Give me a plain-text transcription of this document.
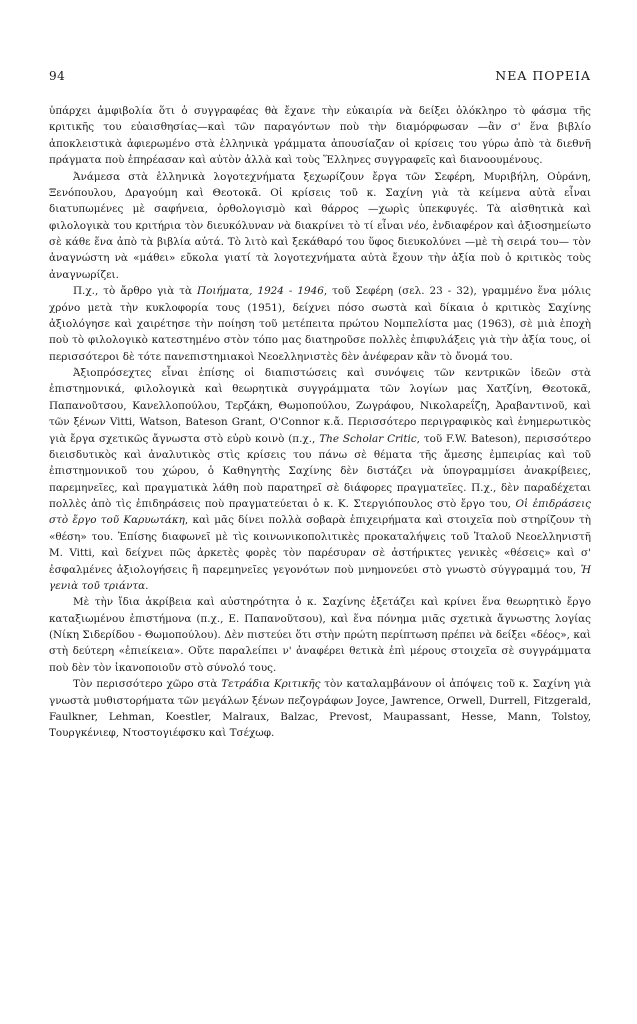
94	ΝΕΑ ΠΟΡΕΙΑ

ὑπάρχει ἀμφιβολία ὅτι ὁ συγγραφέας θὰ ἔχανε τὴν εὐκαιρία νὰ δείξει ὁλόκληρο τὸ φάσμα τῆς κριτικῆς του εὐαισθησίας—καὶ τῶν παραγόντων ποὺ τὴν διαμόρφωσαν —ἂν σ' ἕνα βιβλίο ἀποκλειστικὰ ἀφιερωμένο στὰ ἑλληνικὰ γράμματα ἀπουσίαζαν οἱ κρίσεις του γύρω ἀπὸ τὰ διεθνῆ πράγματα ποὺ ἐπηρέασαν καὶ αὐτὸν ἀλλὰ καὶ τοὺς Ἕλληνες συγγραφεῖς καὶ διανοουμένους.

Ἀνάμεσα στὰ ἑλληνικὰ λογοτεχνήματα ξεχωρίζουν ἔργα τῶν Σεφέρη, Μυριβήλη, Οὐράνη, Ξενόπουλου, Δραγούμη καὶ Θεοτοκᾶ. Οἱ κρίσεις τοῦ κ. Σαχίνη γιὰ τὰ κείμενα αὐτὰ εἶναι διατυπωμένες μὲ σαφήνεια, ὀρθολογισμὸ καὶ θάρρος —χωρὶς ὑπεκφυγές. Τὰ αἰσθητικὰ καὶ φιλολογικὰ του κριτήρια τὸν διευκόλυναν νὰ διακρίνει τὸ τί εἶναι νέο, ἐνδιαφέρον καὶ ἀξιοσημείωτο σὲ κάθε ἕνα ἀπὸ τὰ βιβλία αὐτά. Τὸ λιτὸ καὶ ξεκάθαρό του ὕφος διευκολύνει —μὲ τὴ σειρά του— τὸν ἀναγνώστη νὰ «μάθει» εὔκολα γιατί τὰ λογοτεχνήματα αὐτὰ ἔχουν τὴν ἀξία ποὺ ὁ κριτικὸς τοὺς ἀναγνωρίζει.

Π.χ., τὸ ἄρθρο γιὰ τὰ Ποιήματα, 1924 - 1946, τοῦ Σεφέρη (σελ. 23 - 32), γραμμένο ἕνα μόλις χρόνο μετὰ τὴν κυκλοφορία τους (1951), δείχνει πόσο σωστὰ καὶ δίκαια ὁ κριτικὸς Σαχίνης ἀξιολόγησε καὶ χαιρέτησε τὴν ποίηση τοῦ μετέπειτα πρώτου Νομπελίστα μας (1963), σὲ μιὰ ἐποχὴ ποὺ τὸ φιλολογικὸ κατεστημένο στὸν τόπο μας διατηροῦσε πολλὲς ἐπιφυλάξεις γιὰ τὴν ἀξία τους, οἱ περισσότεροι δὲ τότε πανεπιστημιακοὶ Νεοελληνιστὲς δὲν ἀνέφεραν κἂν τὸ ὄνομά του.

Ἀξιοπρόσεχτες εἶναι ἐπίσης οἱ διαπιστώσεις καὶ συνόψεις τῶν κεντρικῶν ἰδεῶν στὰ ἐπιστημονικά, φιλολογικὰ καὶ θεωρητικὰ συγγράμματα τῶν λογίων μας Χατζίνη, Θεοτοκᾶ, Παπανοῦτσου, Κανελλοπούλου, Τερζάκη, Θωμοπούλου, Ζωγράφου, Νικολαρεΐζη, Ἀραβαντινοῦ, καὶ τῶν ξένων Vitti, Watson, Bateson Grant, O'Connor κ.ἄ. Περισσότερο περιγραφικὸς καὶ ἐνημερωτικὸς γιὰ ἔργα σχετικῶς ἄγνωστα στὸ εὐρὺ κοινὸ (π.χ., The Scholar Critic, τοῦ F.W. Bateson), περισσότερο διεισδυτικὸς καὶ ἀναλυτικὸς στὶς κρίσεις του πάνω σὲ θέματα τῆς ἄμεσης ἐμπειρίας καὶ τοῦ ἐπιστημονικοῦ του χώρου, ὁ Καθηγητὴς Σαχίνης δὲν διστάζει νὰ ὑπογραμμίσει ἀνακρίβειες, παρεμηνεῖες, καὶ πραγματικὰ λάθη ποὺ παρατηρεῖ σὲ διάφορες πραγματεῖες. Π.χ., δὲν παραδέχεται πολλὲς ἀπὸ τὶς ἐπιδηράσεις ποὺ πραγματεύεται ὁ κ. Κ. Στεργιόπουλος στὸ ἔργο του, Οἱ ἐπιδράσεις στὸ ἔργο τοῦ Καρυωτάκη, καὶ μᾶς δίνει πολλὰ σοβαρὰ ἐπιχειρήματα καὶ στοιχεῖα ποὺ στηρίζουν τὴ «θέση» του. Ἐπίσης διαφωνεῖ μὲ τὶς κοινωνικοπολιτικὲς προκαταλήψεις τοῦ Ἰταλοῦ Νεοελληνιστῆ Μ. Vitti, καὶ δείχνει πῶς ἀρκετὲς φορὲς τὸν παρέσυραν σὲ ἀστήρικτες γενικὲς «θέσεις» καὶ σ' ἐσφαλμένες ἀξιολογήσεις ἢ παρεμηνεῖες γεγονότων ποὺ μνημονεύει στὸ γνωστὸ σύγγραμμά του, Ἡ γενιὰ τοῦ τριάντα.

Μὲ τὴν ἴδια ἀκρίβεια καὶ αὐστηρότητα ὁ κ. Σαχίνης ἐξετάζει καὶ κρίνει ἕνα θεωρητικὸ ἔργο καταξιωμένου ἐπιστήμονα (π.χ., Ε. Παπανοῦτσου), καὶ ἕνα πόνημα μιᾶς σχετικὰ ἄγνωστης λογίας (Νίκη Σιδερίδου - Θωμοπούλου). Δὲν πιστεύει ὅτι στὴν πρώτη περίπτωση πρέπει νὰ δείξει «δέος», καὶ στὴ δεύτερη «ἐπιείκεια». Οὔτε παραλείπει ν' ἀναφέρει θετικὰ ἐπὶ μέρους στοιχεῖα σὲ συγγράμματα ποὺ δὲν τὸν ἱκανοποιοῦν στὸ σύνολό τους.

Τὸν περισσότερο χῶρο στὰ Τετράδια Κριτικῆς τὸν καταλαμβάνουν οἱ ἀπόψεις τοῦ κ. Σαχίνη γιὰ γνωστὰ μυθιστορήματα τῶν μεγάλων ξένων πεζογράφων Joyce, Jawrence, Orwell, Durrell, Fitzgerald, Faulkner, Lehman, Koestler, Malraux, Balzac, Prevost, Maupassant, Hesse, Mann, Tolstoy, Τουργκένιεφ, Ντοστογιέφσκυ καὶ Τσέχωφ.
